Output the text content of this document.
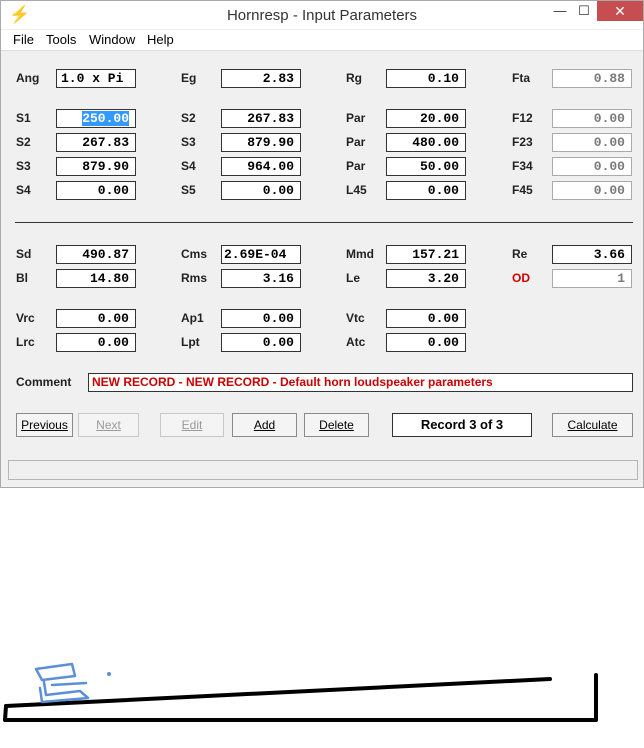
⚡	Hornresp - Input Parameters	— ☐	✕
File Tools Window Help
Ang	1.0 x Pi	Eg	2.83	Rg	0.10	Fta	0.88
S1	250.00	S2	267.83	Par	20.00	F12	0.00
S2	267.83	S3	879.90	Par	480.00	F23	0.00
S3	879.90	S4	964.00	Par	50.00	F34	0.00
S4	0.00	S5	0.00	L45	0.00	F45	0.00
Sd	490.87	Cms 2.69E-04	Mmd	157.21	Re	3.66
Bl	14.80	Rms	3.16	Le	3.20	OD	1
Vrc	0.00	Ap1	0.00	Vtc	0.00
Lrc	0.00	Lpt	0.00	Atc	0.00
Comment	NEW RECORD - NEW RECORD - Default horn loudspeaker parameters
Previous	Next	Edit	Add	Delete	Record 3 of 3	Calculate
